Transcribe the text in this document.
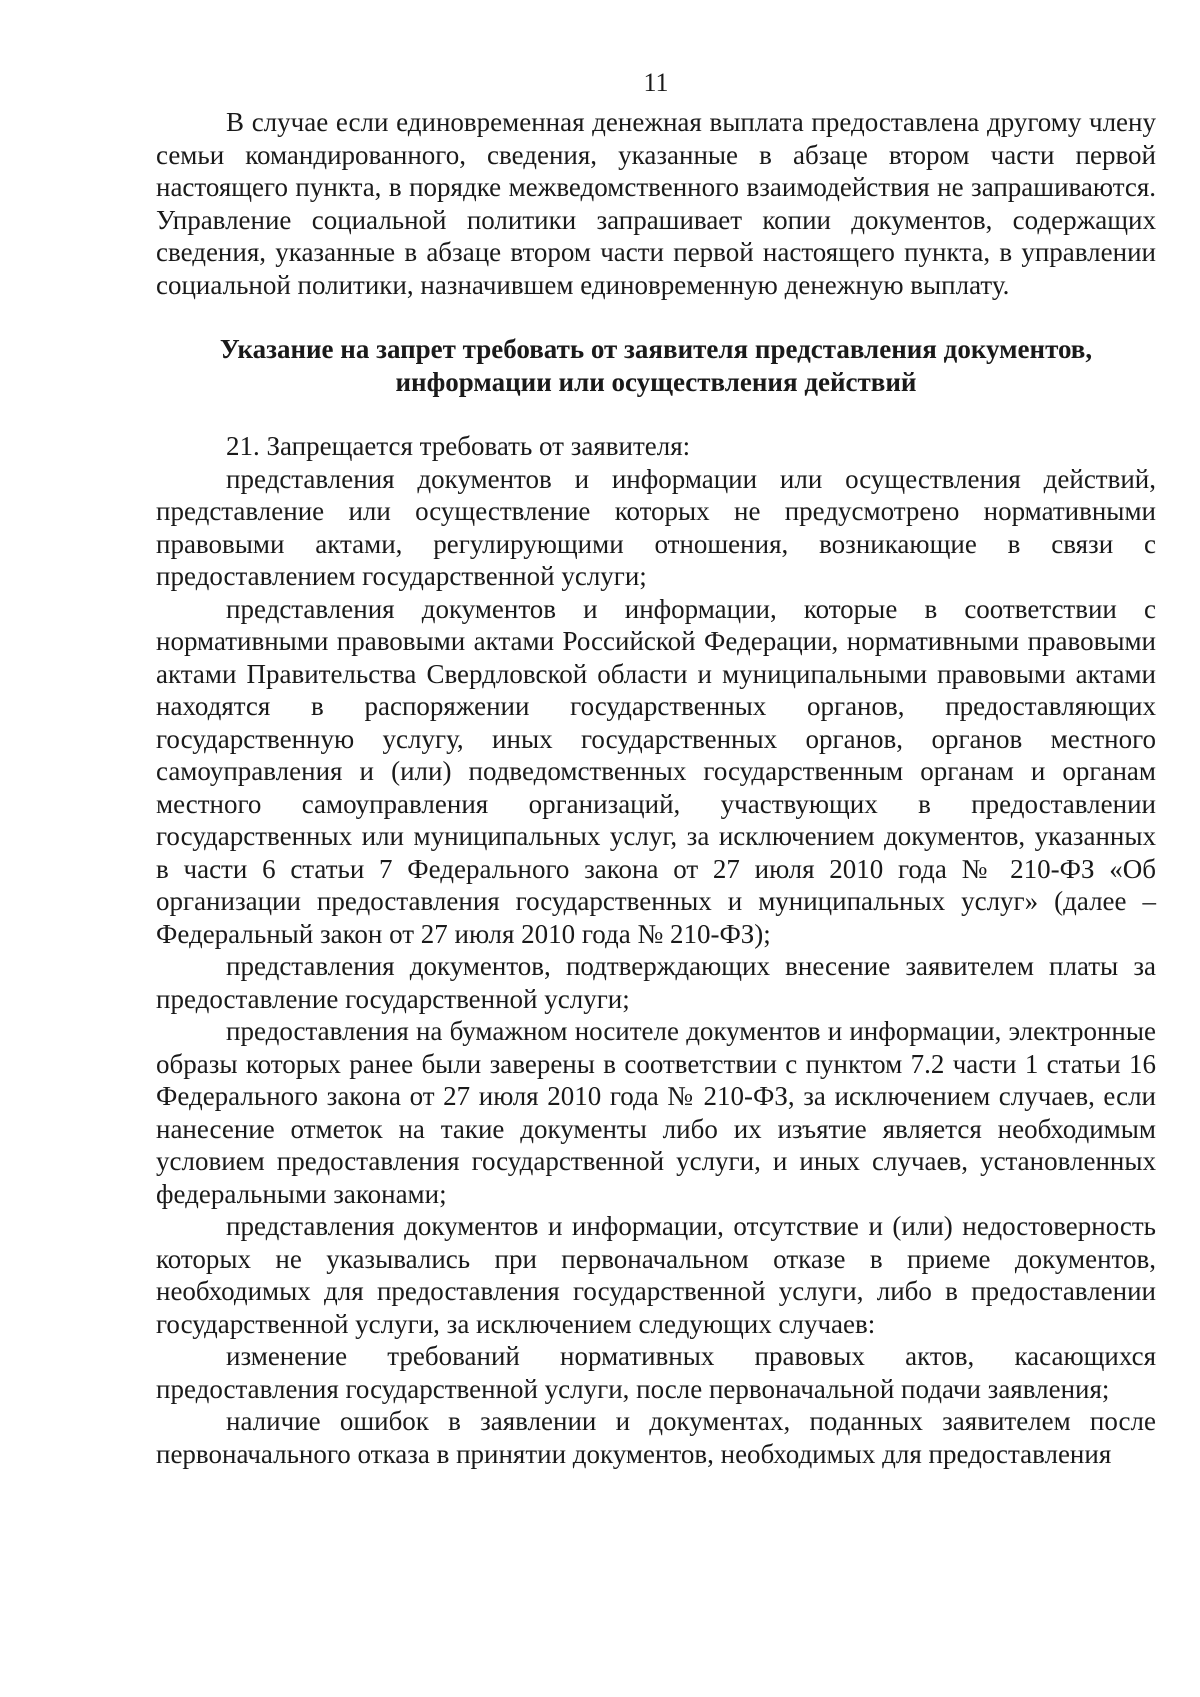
11

В случае если единовременная денежная выплата предоставлена другому члену семьи командированного, сведения, указанные в абзаце втором части первой настоящего пункта, в порядке межведомственного взаимодействия не запрашиваются. Управление социальной политики запрашивает копии документов, содержащих сведения, указанные в абзаце втором части первой настоящего пункта, в управлении социальной политики, назначившем единовременную денежную выплату.

Указание на запрет требовать от заявителя представления документов,
информации или осуществления действий

21. Запрещается требовать от заявителя:

представления документов и информации или осуществления действий, представление или осуществление которых не предусмотрено нормативными правовыми актами, регулирующими отношения, возникающие в связи с предоставлением государственной услуги;

представления документов и информации, которые в соответствии с нормативными правовыми актами Российской Федерации, нормативными правовыми актами Правительства Свердловской области и муниципальными правовыми актами находятся в распоряжении государственных органов, предоставляющих государственную услугу, иных государственных органов, органов местного самоуправления и (или) подведомственных государственным органам и органам местного самоуправления организаций, участвующих в предоставлении государственных или муниципальных услуг, за исключением документов, указанных в части 6 статьи 7 Федерального закона от 27 июля 2010 года № 210-ФЗ «Об организации предоставления государственных и муниципальных услуг» (далее – Федеральный закон от 27 июля 2010 года № 210-ФЗ);

представления документов, подтверждающих внесение заявителем платы за предоставление государственной услуги;

предоставления на бумажном носителе документов и информации, электронные образы которых ранее были заверены в соответствии с пунктом 7.2 части 1 статьи 16 Федерального закона от 27 июля 2010 года № 210-ФЗ, за исключением случаев, если нанесение отметок на такие документы либо их изъятие является необходимым условием предоставления государственной услуги, и иных случаев, установленных федеральными законами;

представления документов и информации, отсутствие и (или) недостоверность которых не указывались при первоначальном отказе в приеме документов, необходимых для предоставления государственной услуги, либо в предоставлении государственной услуги, за исключением следующих случаев:

изменение требований нормативных правовых актов, касающихся предоставления государственной услуги, после первоначальной подачи заявления;

наличие ошибок в заявлении и документах, поданных заявителем после первоначального отказа в принятии документов, необходимых для предоставления
